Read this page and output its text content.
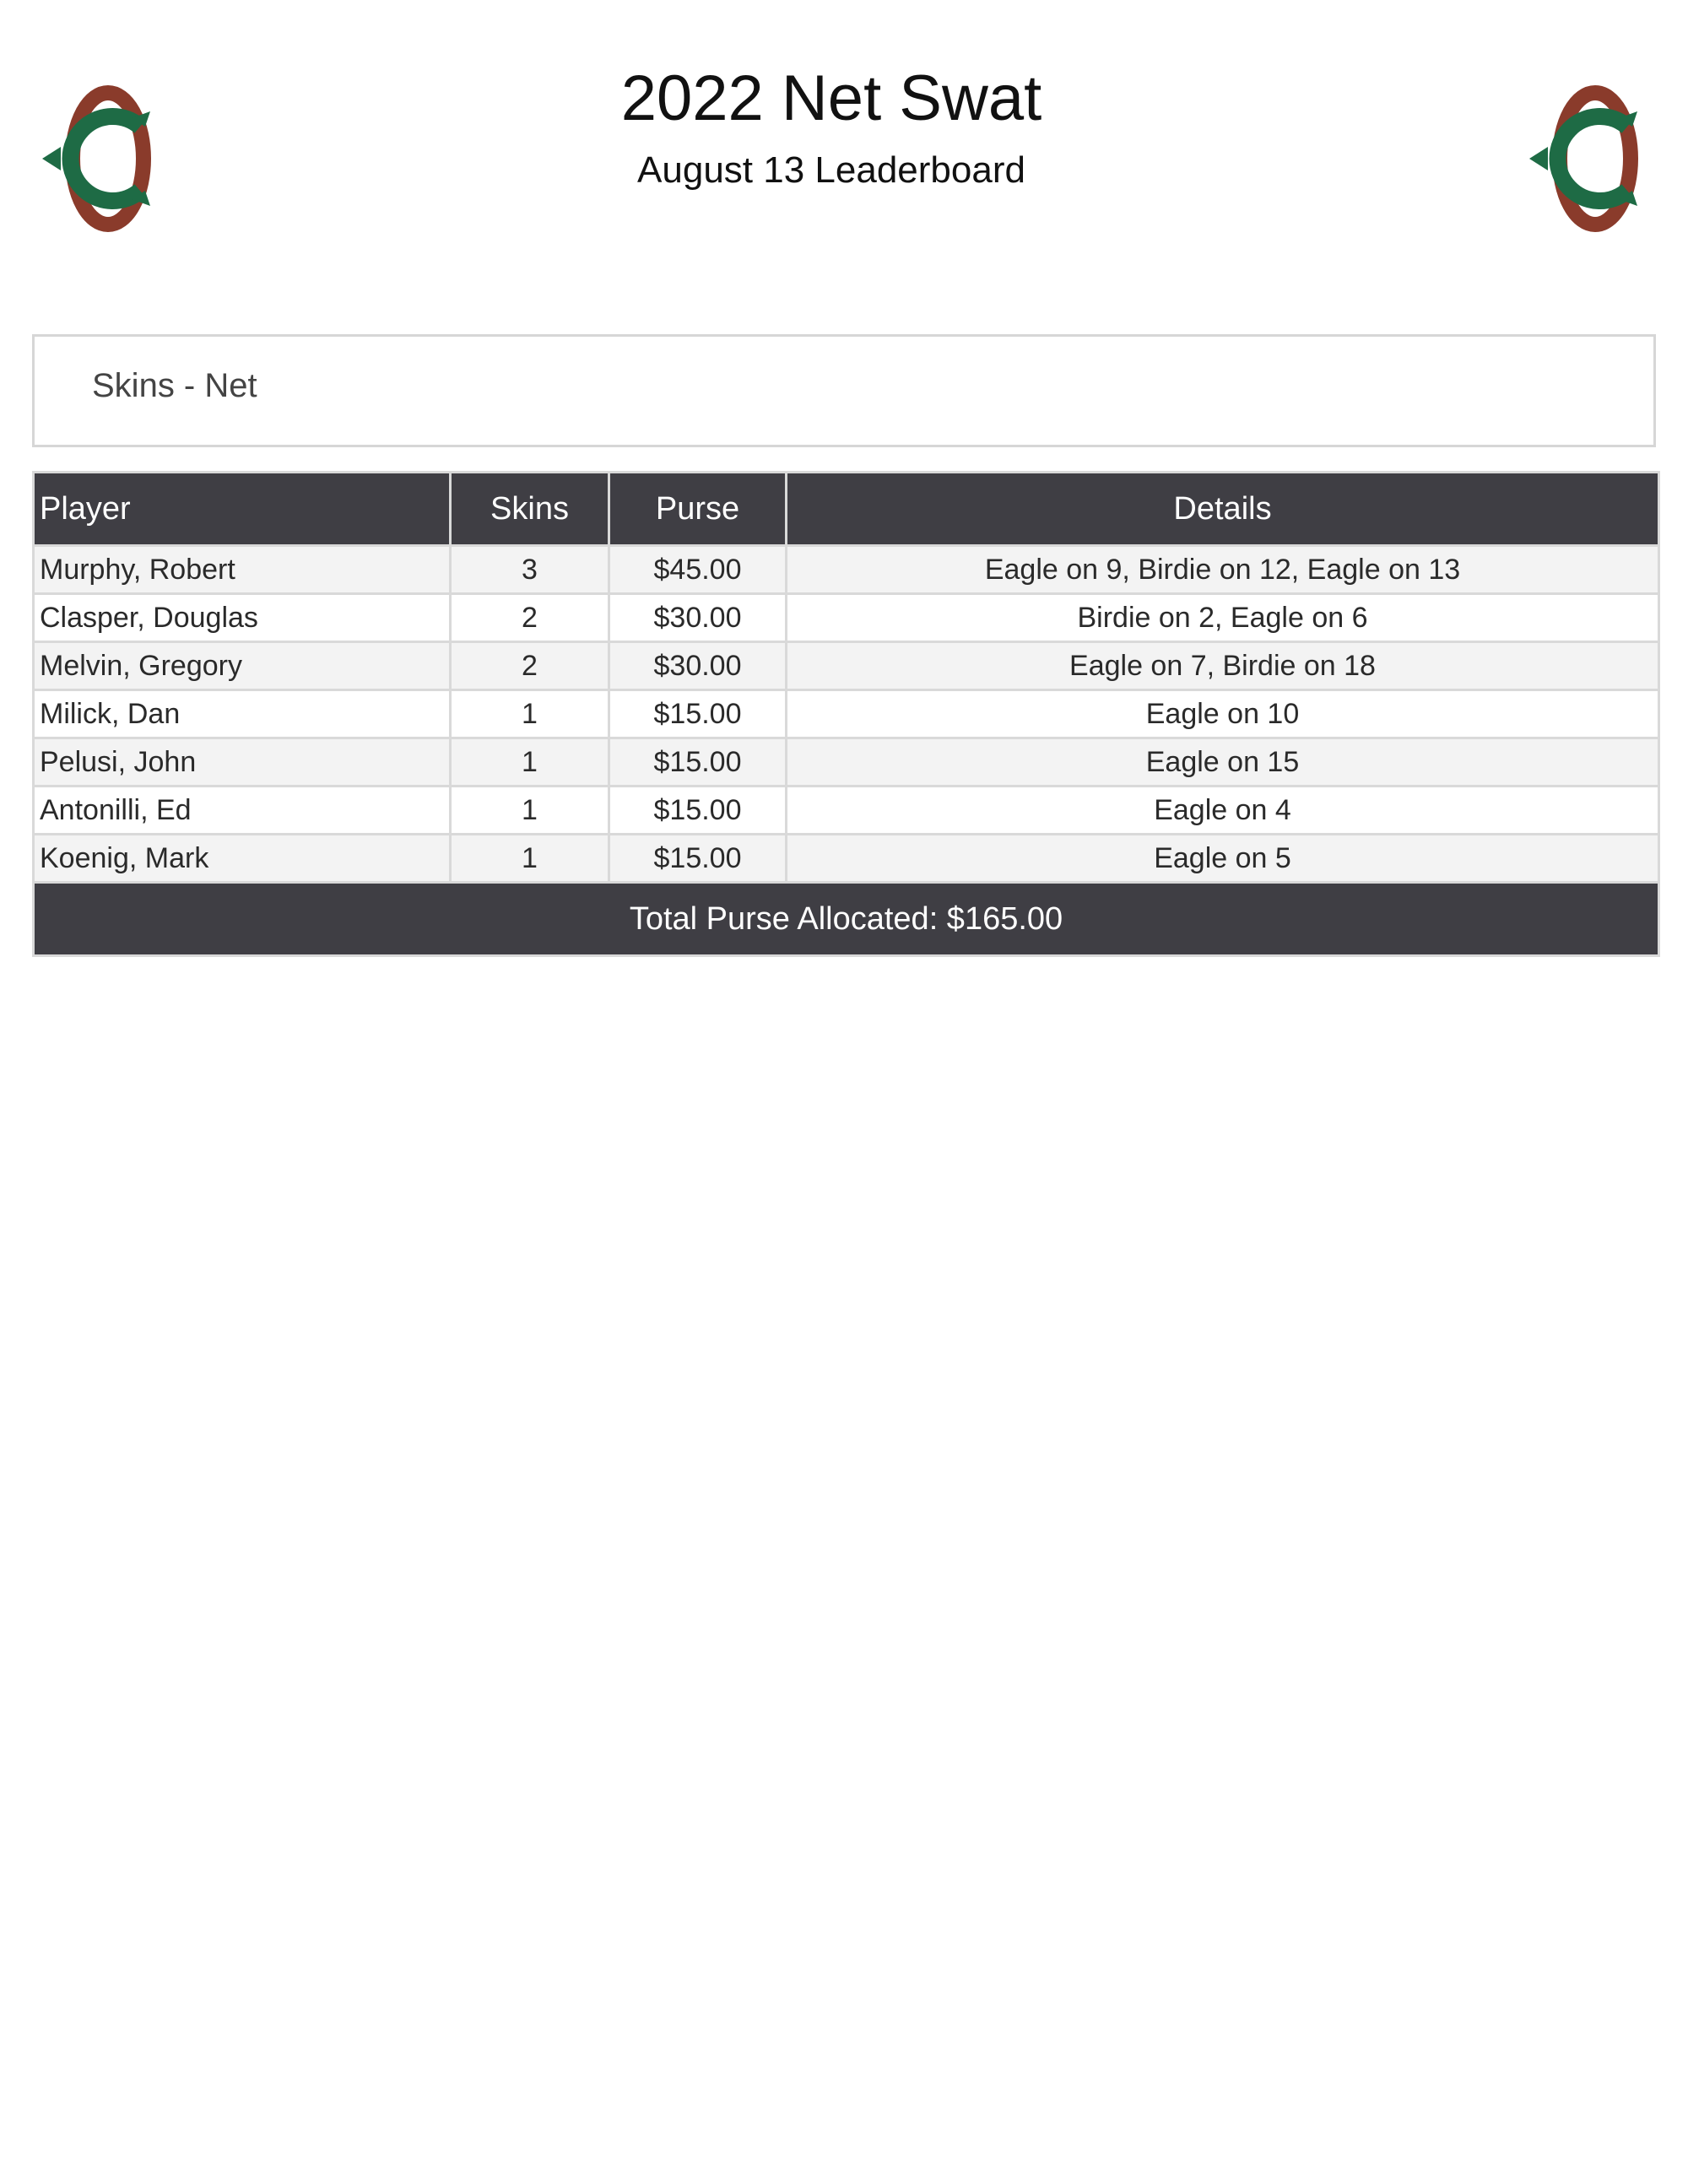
2022 Net Swat
August 13 Leaderboard
Skins - Net
Player	Skins	Purse	Details
Murphy, Robert	3	$45.00	Eagle on 9, Birdie on 12, Eagle on 13
Clasper, Douglas	2	$30.00	Birdie on 2, Eagle on 6
Melvin, Gregory	2	$30.00	Eagle on 7, Birdie on 18
Milick, Dan	1	$15.00	Eagle on 10
Pelusi, John	1	$15.00	Eagle on 15
Antonilli, Ed	1	$15.00	Eagle on 4
Koenig, Mark	1	$15.00	Eagle on 5
Total Purse Allocated: $165.00			
